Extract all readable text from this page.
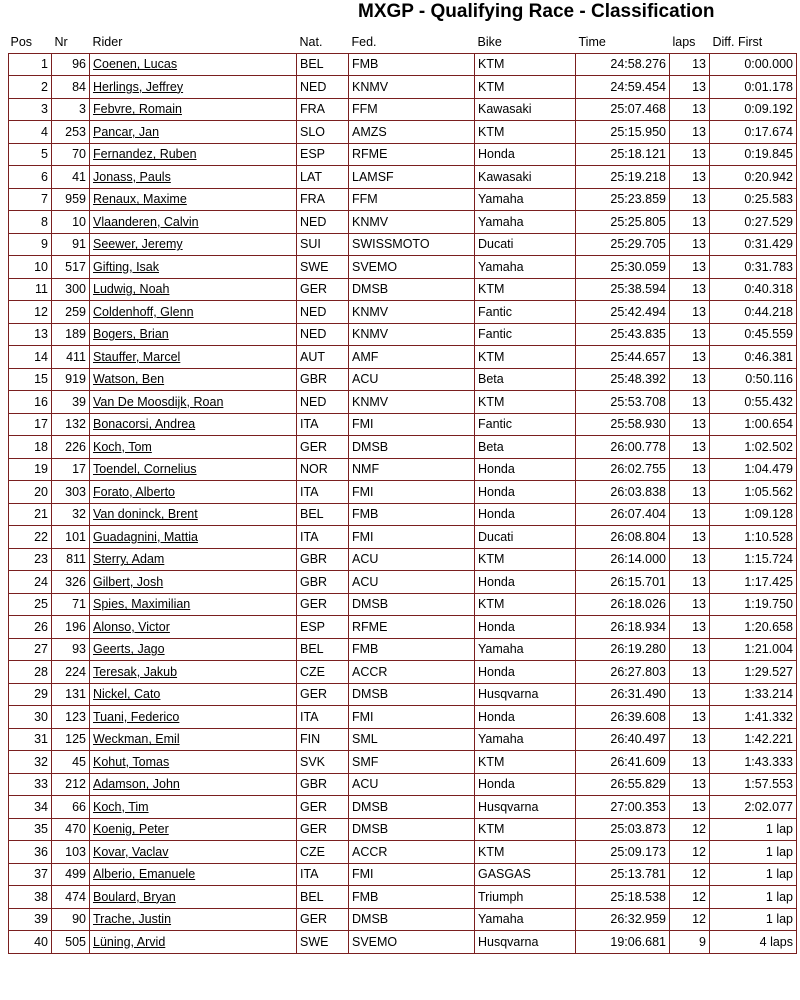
MXGP - Qualifying Race - Classification
Pos	Nr	Rider	Nat.	Fed.	Bike	Time	laps	Diff. First
1	96	Coenen, Lucas	BEL	FMB	KTM	24:58.276	13	0:00.000
2	84	Herlings, Jeffrey	NED	KNMV	KTM	24:59.454	13	0:01.178
3	3	Febvre, Romain	FRA	FFM	Kawasaki	25:07.468	13	0:09.192
4	253	Pancar, Jan	SLO	AMZS	KTM	25:15.950	13	0:17.674
5	70	Fernandez, Ruben	ESP	RFME	Honda	25:18.121	13	0:19.845
6	41	Jonass, Pauls	LAT	LAMSF	Kawasaki	25:19.218	13	0:20.942
7	959	Renaux, Maxime	FRA	FFM	Yamaha	25:23.859	13	0:25.583
8	10	Vlaanderen, Calvin	NED	KNMV	Yamaha	25:25.805	13	0:27.529
9	91	Seewer, Jeremy	SUI	SWISSMOTO	Ducati	25:29.705	13	0:31.429
10	517	Gifting, Isak	SWE	SVEMO	Yamaha	25:30.059	13	0:31.783
11	300	Ludwig, Noah	GER	DMSB	KTM	25:38.594	13	0:40.318
12	259	Coldenhoff, Glenn	NED	KNMV	Fantic	25:42.494	13	0:44.218
13	189	Bogers, Brian	NED	KNMV	Fantic	25:43.835	13	0:45.559
14	411	Stauffer, Marcel	AUT	AMF	KTM	25:44.657	13	0:46.381
15	919	Watson, Ben	GBR	ACU	Beta	25:48.392	13	0:50.116
16	39	Van De Moosdijk, Roan	NED	KNMV	KTM	25:53.708	13	0:55.432
17	132	Bonacorsi, Andrea	ITA	FMI	Fantic	25:58.930	13	1:00.654
18	226	Koch, Tom	GER	DMSB	Beta	26:00.778	13	1:02.502
19	17	Toendel, Cornelius	NOR	NMF	Honda	26:02.755	13	1:04.479
20	303	Forato, Alberto	ITA	FMI	Honda	26:03.838	13	1:05.562
21	32	Van doninck, Brent	BEL	FMB	Honda	26:07.404	13	1:09.128
22	101	Guadagnini, Mattia	ITA	FMI	Ducati	26:08.804	13	1:10.528
23	811	Sterry, Adam	GBR	ACU	KTM	26:14.000	13	1:15.724
24	326	Gilbert, Josh	GBR	ACU	Honda	26:15.701	13	1:17.425
25	71	Spies, Maximilian	GER	DMSB	KTM	26:18.026	13	1:19.750
26	196	Alonso, Victor	ESP	RFME	Honda	26:18.934	13	1:20.658
27	93	Geerts, Jago	BEL	FMB	Yamaha	26:19.280	13	1:21.004
28	224	Teresak, Jakub	CZE	ACCR	Honda	26:27.803	13	1:29.527
29	131	Nickel, Cato	GER	DMSB	Husqvarna	26:31.490	13	1:33.214
30	123	Tuani, Federico	ITA	FMI	Honda	26:39.608	13	1:41.332
31	125	Weckman, Emil	FIN	SML	Yamaha	26:40.497	13	1:42.221
32	45	Kohut, Tomas	SVK	SMF	KTM	26:41.609	13	1:43.333
33	212	Adamson, John	GBR	ACU	Honda	26:55.829	13	1:57.553
34	66	Koch, Tim	GER	DMSB	Husqvarna	27:00.353	13	2:02.077
35	470	Koenig, Peter	GER	DMSB	KTM	25:03.873	12	1 lap
36	103	Kovar, Vaclav	CZE	ACCR	KTM	25:09.173	12	1 lap
37	499	Alberio, Emanuele	ITA	FMI	GASGAS	25:13.781	12	1 lap
38	474	Boulard, Bryan	BEL	FMB	Triumph	25:18.538	12	1 lap
39	90	Trache, Justin	GER	DMSB	Yamaha	26:32.959	12	1 lap
40	505	Lüning, Arvid	SWE	SVEMO	Husqvarna	19:06.681	9	4 laps
